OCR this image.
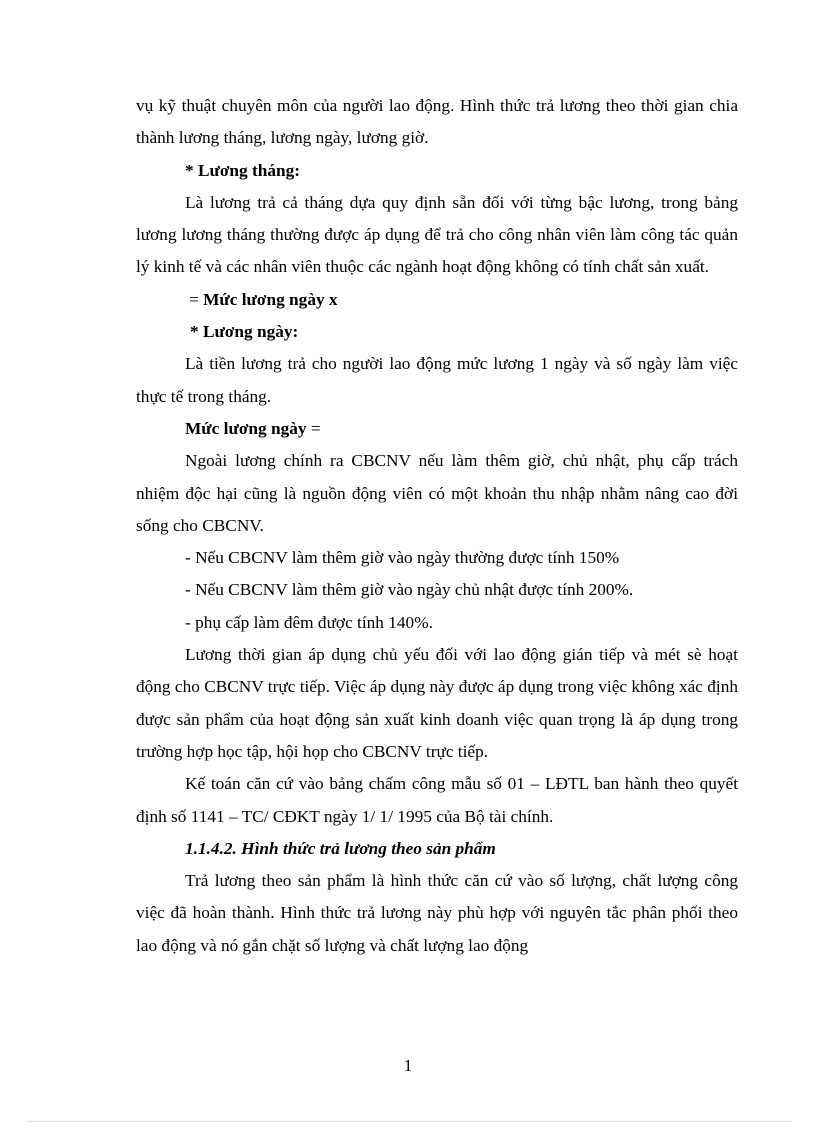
vụ kỹ thuật chuyên môn của người lao động. Hình thức trả lương theo thời gian chia thành lương tháng, lương ngày, lương giờ.

* Lương tháng:

Là lương trả cả tháng dựa quy định sẵn đối với từng bậc lương, trong bảng lương lương tháng thường được áp dụng để trả cho công nhân viên làm công tác quản lý kinh tế và các nhân viên thuộc các ngành hoạt động không có tính chất sản xuất.

= Mức lương ngày x

* Lương ngày:

Là tiền lương trả cho người lao động mức lương 1 ngày và số ngày làm việc thực tế trong tháng.

Mức lương ngày =

Ngoài lương chính ra CBCNV nếu làm thêm giờ, chủ nhật, phụ cấp trách nhiệm độc hại cũng là nguồn động viên có một khoản thu nhập nhằm nâng cao đời sống cho CBCNV.

- Nếu CBCNV làm thêm giờ vào ngày thường được tính 150%

- Nếu CBCNV làm thêm giờ vào ngày chủ nhật được tính 200%.

- phụ cấp làm đêm được tính 140%.

Lương thời gian áp dụng chủ yếu đối với lao động gián tiếp và mét sè hoạt động cho CBCNV trực tiếp. Việc áp dụng này được áp dụng trong việc không xác định được sản phẩm của hoạt động sản xuất kinh doanh việc quan trọng là áp dụng trong trường hợp học tập, hội họp cho CBCNV trực tiếp.

Kế toán căn cứ vào bảng chấm công mẫu số 01 – LĐTL ban hành theo quyết định số 1141 – TC/ CĐKT ngày 1/ 1/ 1995 của Bộ tài chính.

1.1.4.2. Hình thức trả lương theo sản phẩm

Trả lương theo sản phẩm là hình thức căn cứ vào số lượng, chất lượng công việc đã hoàn thành. Hình thức trả lương này phù hợp với nguyên tắc phân phối theo lao động và nó gắn chặt số lượng và chất lượng lao động

1
